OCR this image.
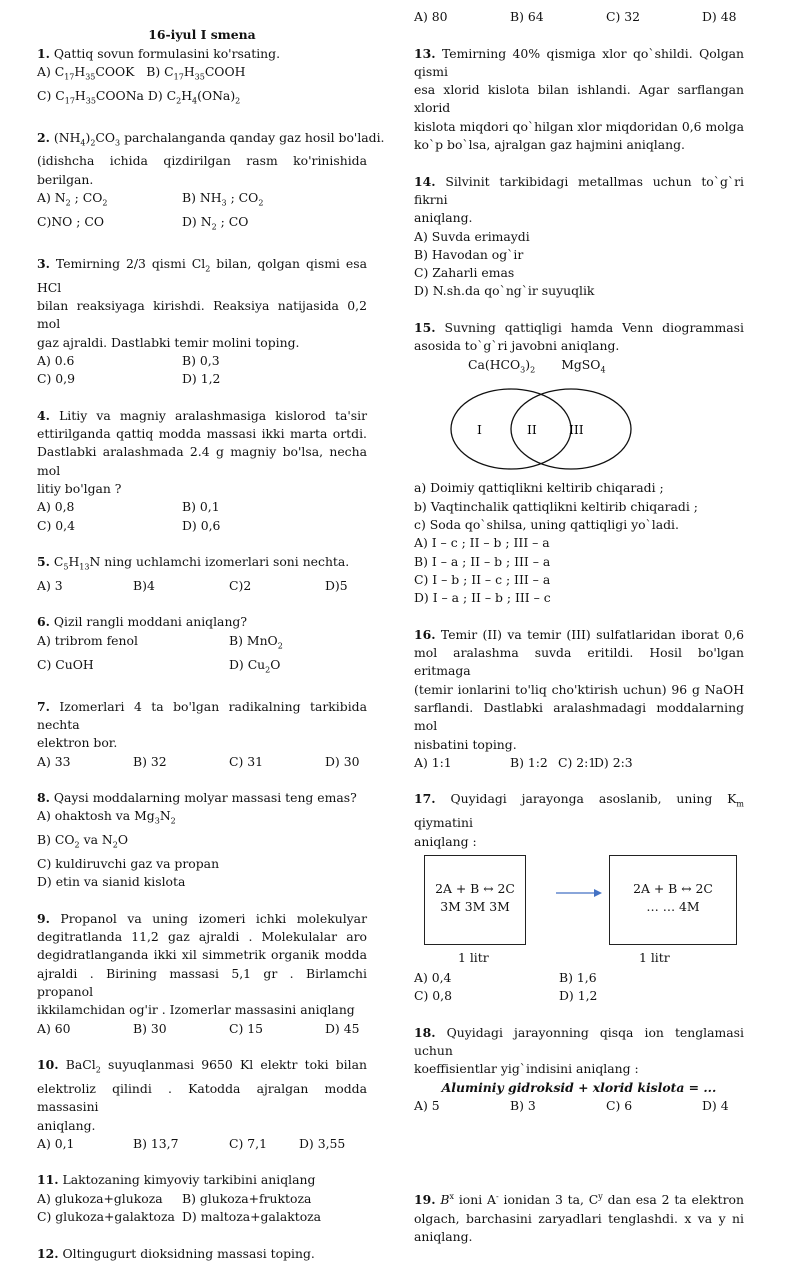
16-iyul I smena
1. Qattiq sovun formulasini ko'rsating.
A) $C_{17}H_{35}COOK$
B) $C_{17}H_{35}COOH$
C) $C_{17}H_{35}COONa$
D) $C_2H_4(ONa)_2$
2. $(NH_4)_2CO_3$ parchalanganda qanday gaz hosil bo'ladi.
(idishcha ichida qizdirilgan rasm ko'rinishida
berilgan.
A) $N_2$ ; $CO_2$	B) $NH_3$ ; $CO_2$
C)NO ; CO	D) $N_2$ ; CO
3. Temirning 2/3 qismi $Cl_2$ bilan, qolgan qismi esa HCl
bilan reaksiyaga kirishdi. Reaksiya natijasida 0,2 mol
gaz ajraldi. Dastlabki temir molini toping.
A) 0.6	B) 0,3
C) 0,9	D) 1,2
4. Litiy va magniy aralashmasiga kislorod ta'sir
ettirilganda qattiq modda massasi ikki marta ortdi.
Dastlabki aralashmada 2.4 g magniy bo'lsa, necha mol
litiy bo'lgan ?
A) 0,8	B) 0,1
C) 0,4	D) 0,6
5. $C_5H_{13}N$ ning uchlamchi izomerlari soni nechta.
A) 3	B)4	C)2	D)5
6. Qizil rangli moddani aniqlang?
A) tribrom fenol	B) MnO$_2$
C) CuOH	D) $Cu_2O$
7. Izomerlari 4 ta bo'lgan radikalning tarkibida nechta
elektron bor.
A) 33	B) 32	C) 31	D) 30
8. Qaysi moddalarning molyar massasi teng emas?
A) ohaktosh va $Mg_3N_2$
B) $CO_2$ va $N_2O$
C) kuldiruvchi gaz va propan
D) etin va sianid kislota
9. Propanol va uning izomeri ichki molekulyar
degitratlandа 11,2 gaz ajraldi . Molekulalar aro
degidratlanganda ikki xil simmetrik organik modda
ajraldi . Birining massasi 5,1 gr . Birlamchi propanol
ikkilamchidan og'ir . Izomerlar massasini aniqlang
A) 60	B) 30	C) 15	D) 45
10. BaCl$_2$ suyuqlanmasi 9650 Kl elektr toki bilan
elektroliz qilindi . Katodda ajralgan modda massasini
aniqlang.
A) 0,1	B) 13,7	C) 7,1	D) 3,55
11. Laktozaning kimyoviy tarkibini aniqlang
A) glukoza+glukoza	B) glukoza+fruktoza
C) glukoza+galaktoza D) maltoza+galaktoza
12. Oltingugurt dioksidning massasi toping.
A) 80	B) 64	C) 32	D) 48
13. Temirning 40% qismiga xlor qo`shildi. Qolgan qismi
esa xlorid kislota bilan ishlandi. Agar sarflangan xlorid
kislota miqdori qo`hilgan xlor miqdoridan 0,6 molga
ko`p bo`lsa, ajralgan gaz hajmini aniqlang.
14. Silvinit tarkibidagi metallmas uchun to`g`ri fikrni
aniqlang.
A) Suvda erimaydi
B) Havodan og`ir
C) Zaharli emas
D) N.sh.da qo`ng`ir suyuqlik
15. Suvning qattiqligi hamda Venn diogrammasi
asosida to`g`ri javobni aniqlang.
$Ca(HCO_3)_2$ MgSO$_4$
I	II	III
a) Doimiy qattiqlikni keltirib chiqaradi ;
b) Vaqtinchalik qattiqlikni keltirib chiqaradi ;
c) Soda qo`shilsa, uning qattiqligi yo`ladi.
A) I – c ; II – b ; III – a
B) I – a ; II – b ; III – a
C) I – b ; II – c ; III – a
D) I – a ; II – b ; III – c
16. Temir (II) va temir (III) sulfatlaridan iborat 0,6
mol aralashma suvda eritildi. Hosil bo'lgan eritmaga
(temir ionlarini to'liq cho'ktirish uchun) 96 g NaOH
sarflandi. Dastlabki aralashmadagi moddalarning mol
nisbatini toping.
A) 1:1	B) 1:2 C) 2:1
D) 2:3
17. Quyidagi jarayonga asoslanib, uning $K_m$ qiymatini
aniqlang :
2A + B ↔ 2C
3M 3M 3M
2A + B ↔ 2C
… … 4M
1 litr	1 litr
A) 0,4	B) 1,6
C) 0,8	D) 1,2
18. Quyidagi jarayonning qisqa ion tenglamasi uchun
koeffisientlar yig`indisini aniqlang :
Aluminiy gidroksid + xlorid kislota = ...
A) 5	B) 3	C) 6	D) 4
19. $B^x$ ioni A- ionidan 3 ta, $C^y$ dan esa 2 ta elektron
olgach, barchasini zaryadlari tenglashdi. x va y ni
aniqlang.
